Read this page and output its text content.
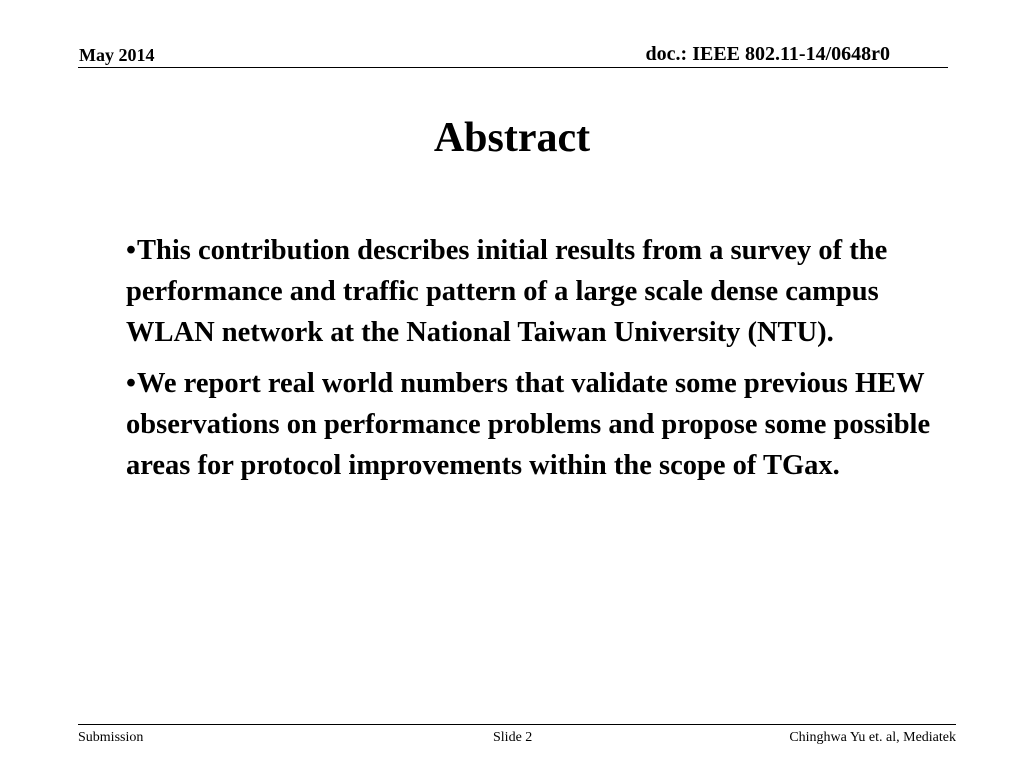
May 2014	doc.: IEEE 802.11-14/0648r0
Abstract
•This contribution describes initial results from a survey of the performance and traffic pattern of a large scale dense campus WLAN network at the National Taiwan University (NTU).
•We report real world numbers that validate some previous HEW observations on performance problems and propose some possible areas for protocol improvements within the scope of TGax.
Submission	Slide 2	Chinghwa Yu et. al, Mediatek
